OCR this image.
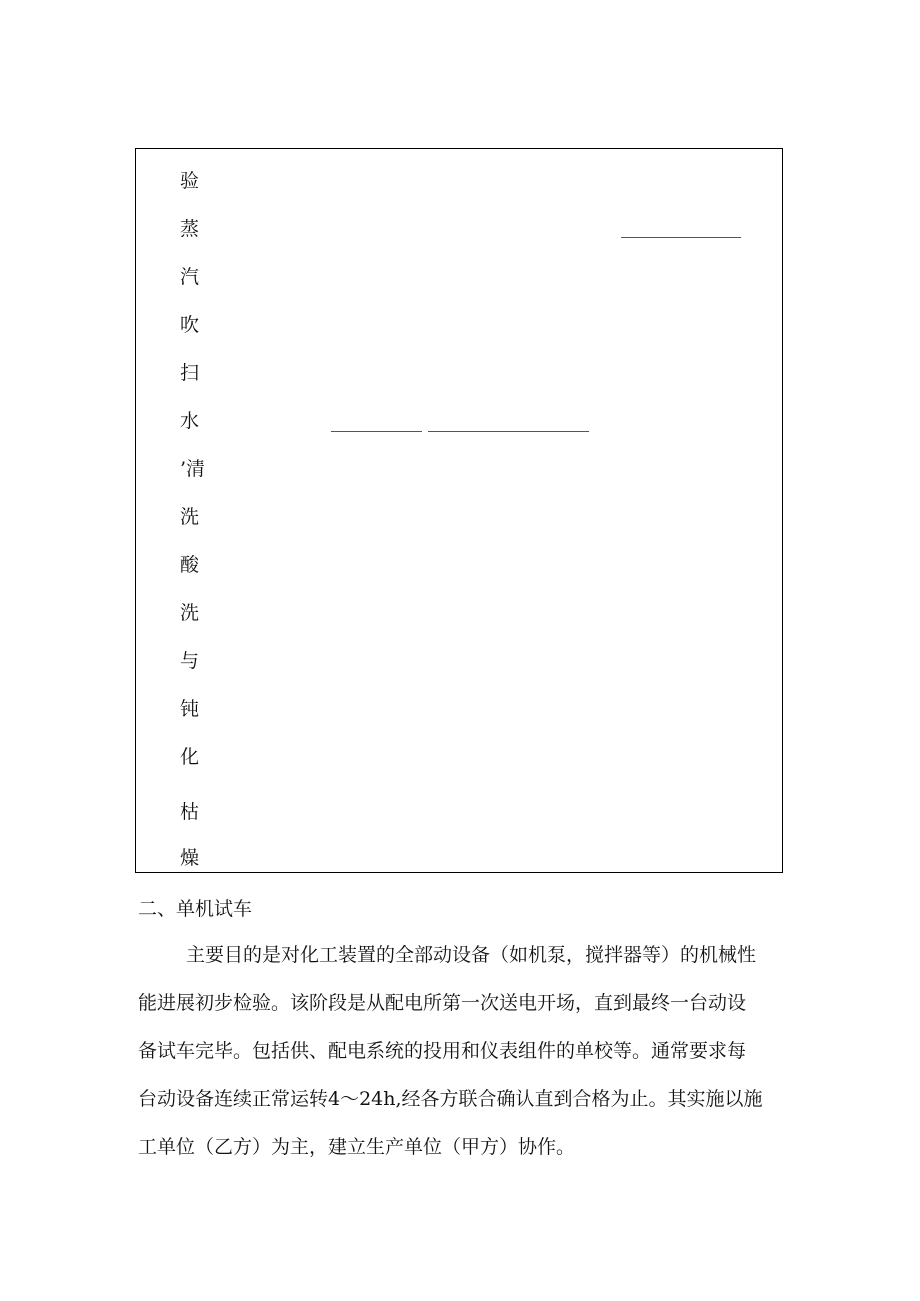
验
蒸
汽
吹
扫
水
’清
洗
酸
洗
与
钝
化
枯
燥
二、单机试车
主要目的是对化工装置的全部动设备（如机泵，搅拌器等）的机械性
能进展初步检验。该阶段是从配电所第一次送电开场，直到最终一台动设
备试车完毕。包括供、配电系统的投用和仪表组件的单校等。通常要求每
台动设备连续正常运转4～24h,经各方联合确认直到合格为止。其实施以施
工单位（乙方）为主，建立生产单位（甲方）协作。
